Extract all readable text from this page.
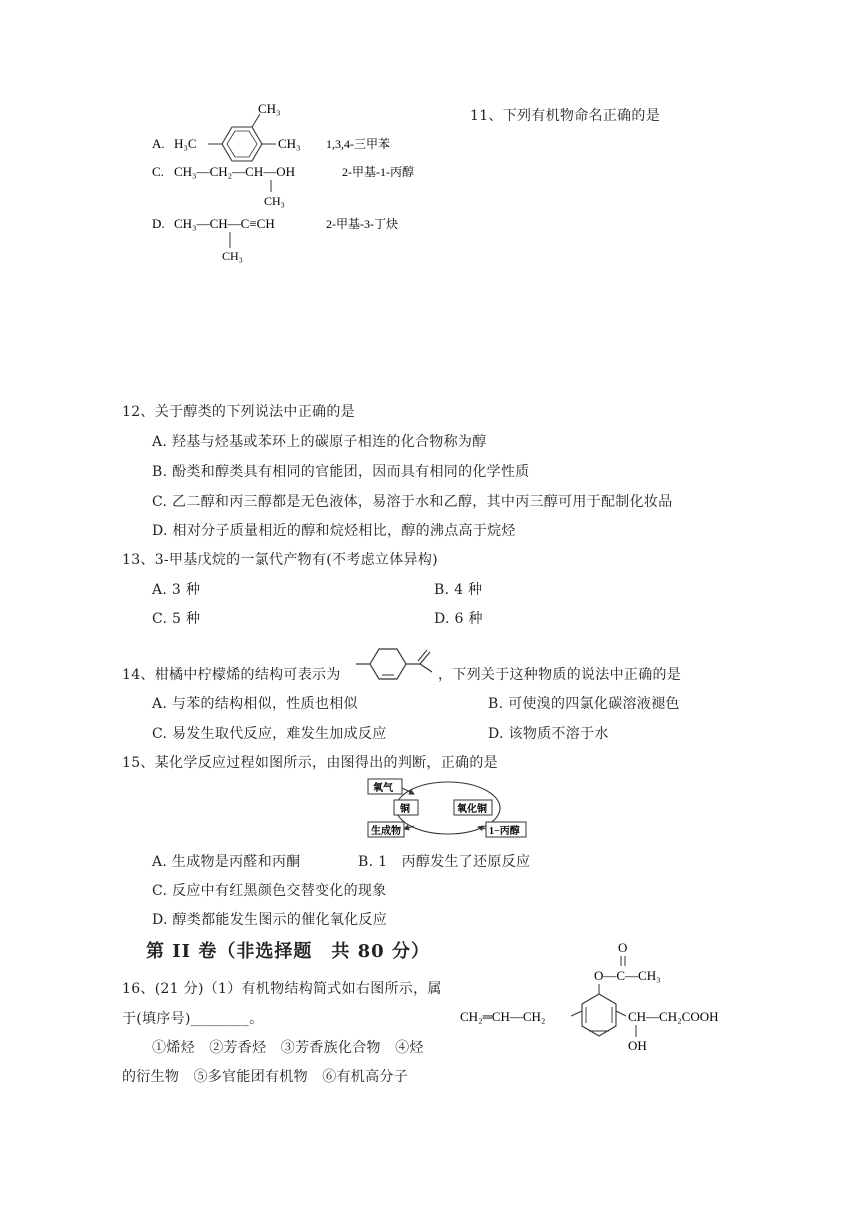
11、下列有机物命名正确的是
A. H₃C
CH₃
CH₃ 1,3,4-三甲苯
C. CH₃—CH₂—CH—OH
CH₃
2-甲基-1-丙醇
D. CH₃—CH—C≡CH
CH₃
2-甲基-3-丁炔
12、关于醇类的下列说法中正确的是
A. 羟基与烃基或苯环上的碳原子相连的化合物称为醇
B. 酚类和醇类具有相同的官能团，因而具有相同的化学性质
C. 乙二醇和丙三醇都是无色液体，易溶于水和乙醇，其中丙三醇可用于配制化妆品
D. 相对分子质量相近的醇和烷烃相比，醇的沸点高于烷烃
13、3-甲基戊烷的一氯代产物有(不考虑立体异构)
A. 3 种	B. 4 种
C. 5 种	D. 6 种
14、柑橘中柠檬烯的结构可表示为	，下列关于这种物质的说法中正确的是
A. 与苯的结构相似，性质也相似	B. 可使溴的四氯化碳溶液褪色
C. 易发生取代反应，难发生加成反应	D. 该物质不溶于水
15、某化学反应过程如图所示，由图得出的判断，正确的是
氧气
铜	氧化铜
生成物	1−丙醇
A. 生成物是丙醛和丙酮	B. 1　丙醇发生了还原反应
C. 反应中有红黑颜色交替变化的现象
D. 醇类都能发生图示的催化氧化反应
第 II 卷（非选择题　共 80 分）
16、(21 分)（1）有机物结构简式如右图所示，属
于(填序号)________。
①烯烃　②芳香烃　③芳香族化合物　④烃
的衍生物　⑤多官能团有机物　⑥有机高分子
O
O—C—CH₃
CH₂═CH—CH₂	CH—CH₂COOH
OH
